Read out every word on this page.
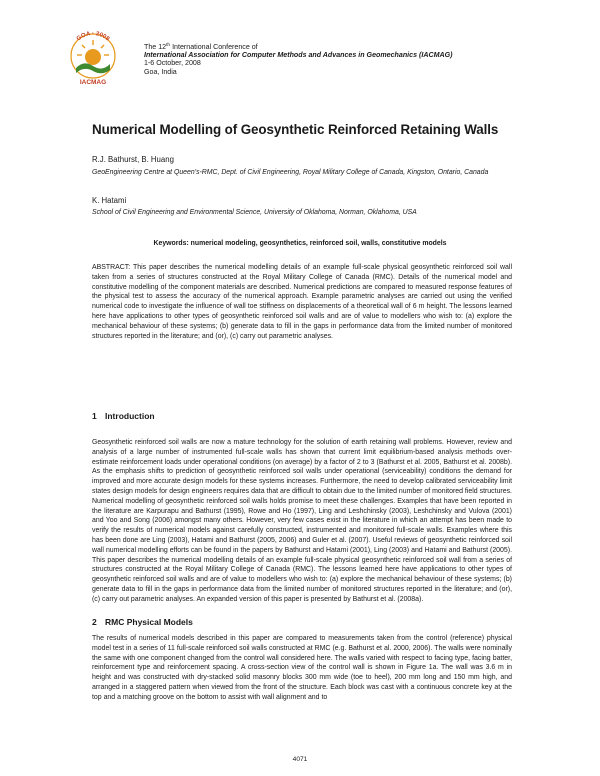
GOA · 2008
IACMAG
The 12th International Conference of
International Association for Computer Methods and Advances in Geomechanics (IACMAG)
1-6 October, 2008
Goa, India
Numerical Modelling of Geosynthetic Reinforced Retaining Walls
R.J. Bathurst, B. Huang
GeoEngineering Centre at Queen’s-RMC, Dept. of Civil Engineering, Royal Military College of Canada, Kingston, Ontario, Canada
K. Hatami
School of Civil Engineering and Environmental Science, University of Oklahoma, Norman, Oklahoma, USA
Keywords: numerical modeling, geosynthetics, reinforced soil, walls, constitutive models
ABSTRACT: This paper describes the numerical modelling details of an example full-scale physical geosynthetic reinforced soil wall taken from a series of structures constructed at the Royal Military College of Canada (RMC). Details of the numerical model and constitutive modelling of the component materials are described. Numerical predictions are compared to measured response features of the physical test to assess the accuracy of the numerical approach. Example parametric analyses are carried out using the verified numerical code to investigate the influence of wall toe stiffness on displacements of a theoretical wall of 6 m height. The lessons learned here have applications to other types of geosynthetic reinforced soil walls and are of value to modellers who wish to: (a) explore the mechanical behaviour of these systems; (b) generate data to fill in the gaps in performance data from the limited number of monitored structures reported in the literature; and (or), (c) carry out parametric analyses.
1 Introduction
Geosynthetic reinforced soil walls are now a mature technology for the solution of earth retaining wall problems. However, review and analysis of a large number of instrumented full-scale walls has shown that current limit equilibrium-based analysis methods over-estimate reinforcement loads under operational conditions (on average) by a factor of 2 to 3 (Bathurst et al. 2005, Bathurst et al. 2008b). As the emphasis shifts to prediction of geosynthetic reinforced soil walls under operational (serviceability) conditions the demand for improved and more accurate design models for these systems increases. Furthermore, the need to develop calibrated serviceability limit states design models for design engineers requires data that are difficult to obtain due to the limited number of monitored field structures. Numerical modelling of geosynthetic reinforced soil walls holds promise to meet these challenges. Examples that have been reported in the literature are Karpurapu and Bathurst (1995), Rowe and Ho (1997), Ling and Leshchinsky (2003), Leshchinsky and Vulova (2001) and Yoo and Song (2006) amongst many others. However, very few cases exist in the literature in which an attempt has been made to verify the results of numerical models against carefully constructed, instrumented and monitored full-scale walls. Examples where this has been done are Ling (2003), Hatami and Bathurst (2005, 2006) and Guler et al. (2007). Useful reviews of geosynthetic reinforced soil wall numerical modelling efforts can be found in the papers by Bathurst and Hatami (2001), Ling (2003) and Hatami and Bathurst (2005). This paper describes the numerical modelling details of an example full-scale physical geosynthetic reinforced soil wall from a series of structures constructed at the Royal Military College of Canada (RMC). The lessons learned here have applications to other types of geosynthetic reinforced soil walls and are of value to modellers who wish to: (a) explore the mechanical behaviour of these systems; (b) generate data to fill in the gaps in performance data from the limited number of monitored structures reported in the literature; and (or), (c) carry out parametric analyses. An expanded version of this paper is presented by Bathurst et al. (2008a).
2 RMC Physical Models
The results of numerical models described in this paper are compared to measurements taken from the control (reference) physical model test in a series of 11 full-scale reinforced soil walls constructed at RMC (e.g. Bathurst et al. 2000, 2006). The walls were nominally the same with one component changed from the control wall considered here. The walls varied with respect to facing type, facing batter, reinforcement type and reinforcement spacing. A cross-section view of the control wall is shown in Figure 1a. The wall was 3.6 m in height and was constructed with dry-stacked solid masonry blocks 300 mm wide (toe to heel), 200 mm long and 150 mm high, and arranged in a staggered pattern when viewed from the front of the structure. Each block was cast with a continuous concrete key at the top and a matching groove on the bottom to assist with wall alignment and to
4071
